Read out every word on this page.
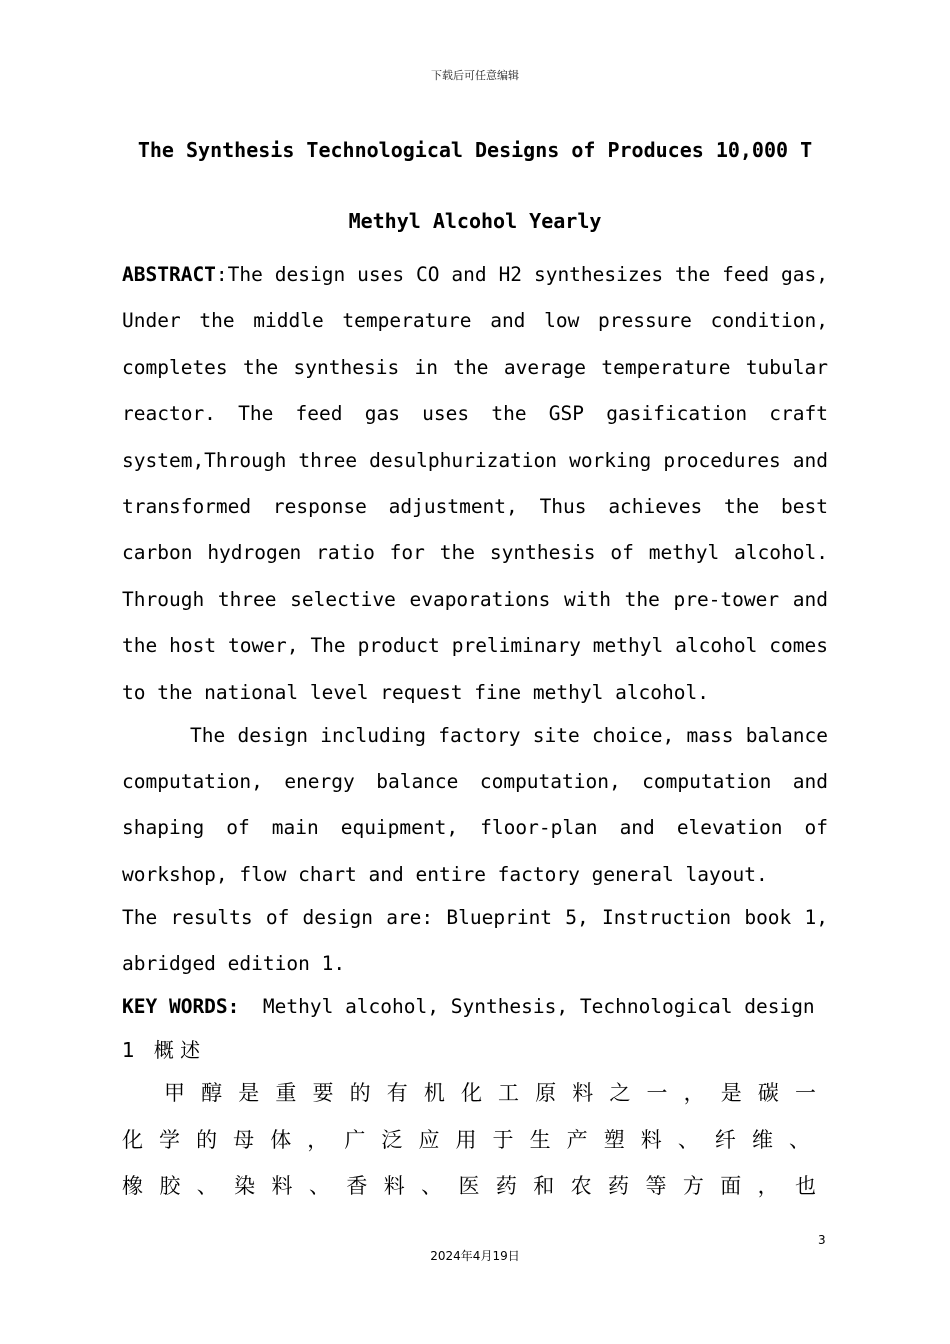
下载后可任意编辑
The Synthesis Technological Designs of Produces 10,000 T
Methyl Alcohol Yearly
ABSTRACT:The design uses CO and H2 synthesizes the feed gas,
Under the middle temperature and low pressure condition,
completes the synthesis in the average temperature tubular
reactor. The feed gas uses the GSP gasification craft
system,Through three desulphurization working procedures and
transformed response adjustment, Thus achieves the best
carbon hydrogen ratio for the synthesis of methyl alcohol.
Through three selective evaporations with the pre-tower and
the host tower, The product preliminary methyl alcohol comes
to the national level request fine methyl alcohol.
The design including factory site choice, mass balance
computation, energy balance computation, computation and
shaping of main equipment, floor-plan and elevation of
workshop, flow chart and entire factory general layout.
The results of design are: Blueprint 5, Instruction book 1,
abridged edition 1.
KEY WORDS: Methyl alcohol, Synthesis, Technological design
1 概 述
甲醇是重要的有机化工原料之一，是碳一
化学的母体，广泛应用于生产塑料、纤维、
橡胶、染料、香料、医药和农药等方面，也
3
2024年4月19日
